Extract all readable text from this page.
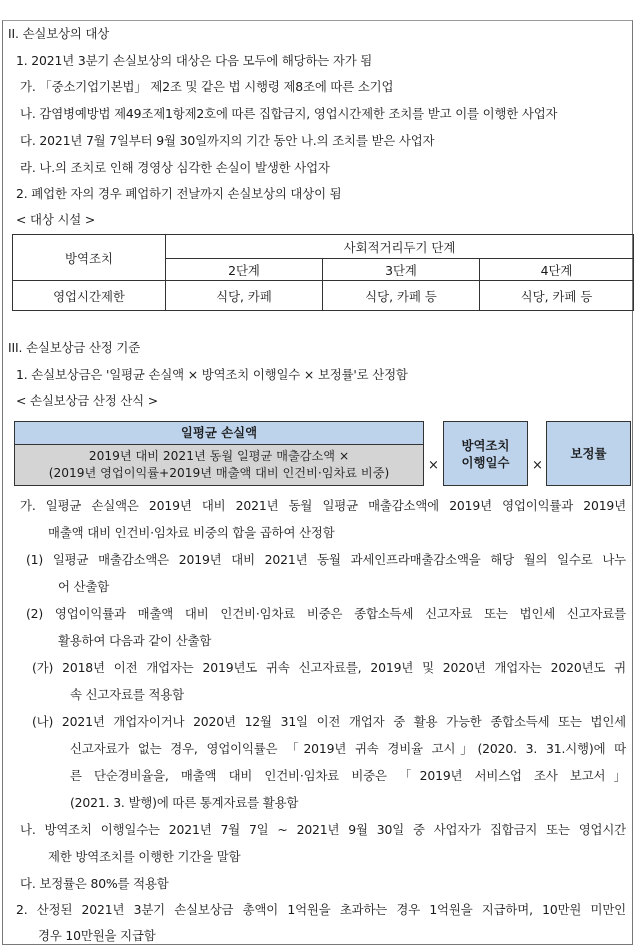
II. 손실보상의 대상
1. 2021년 3분기 손실보상의 대상은 다음 모두에 해당하는 자가 됨
가. 「중소기업기본법」 제2조 및 같은 법 시행령 제8조에 따른 소기업
나. 감염병예방법 제49조제1항제2호에 따른 집합금지, 영업시간제한 조치를 받고 이를 이행한 사업자
다. 2021년 7월 7일부터 9월 30일까지의 기간 동안 나.의 조치를 받은 사업자
라. 나.의 조치로 인해 경영상 심각한 손실이 발생한 사업자
2. 폐업한 자의 경우 폐업하기 전날까지 손실보상의 대상이 됨
< 대상 시설 >
방역조치	사회적거리두기 단계		
	2단계	3단계	4단계
영업시간제한	식당, 카페	식당, 카페 등	식당, 카페 등
III. 손실보상금 산정 기준
1. 손실보상금은 '일평균 손실액 × 방역조치 이행일수 × 보정률'로 산정함
< 손실보상금 산정 산식 >
일평균 손실액
2019년 대비 2021년 동월 일평균 매출감소액 ×
(2019년 영업이익률+2019년 매출액 대비 인건비·임차료 비중)	×
방역조치
이행일수 ×
보정률
가. 일평균 손실액은 2019년 대비 2021년 동월 일평균 매출감소액에 2019년 영업이익률과 2019년
매출액 대비 인건비·임차료 비중의 합을 곱하여 산정함
(1) 일평균 매출감소액은 2019년 대비 2021년 동월 과세인프라매출감소액을 해당 월의 일수로 나누
어 산출함
(2) 영업이익률과 매출액 대비 인건비·임차료 비중은 종합소득세 신고자료 또는 법인세 신고자료를
활용하여 다음과 같이 산출함
(가) 2018년 이전 개업자는 2019년도 귀속 신고자료를, 2019년 및 2020년 개업자는 2020년도 귀
속 신고자료를 적용함
(나) 2021년 개업자이거나 2020년 12월 31일 이전 개업자 중 활용 가능한 종합소득세 또는 법인세
신고자료가 없는 경우, 영업이익률은 「2019년 귀속 경비율 고시」(2020. 3. 31.시행)에 따
른 단순경비율을, 매출액 대비 인건비·임차료 비중은 「2019년 서비스업 조사 보고서」
(2021. 3. 발행)에 따른 통계자료를 활용함
나. 방역조치 이행일수는 2021년 7월 7일 ~ 2021년 9월 30일 중 사업자가 집합금지 또는 영업시간
제한 방역조치를 이행한 기간을 말함
다. 보정률은 80%를 적용함
2. 산정된 2021년 3분기 손실보상금 총액이 1억원을 초과하는 경우 1억원을 지급하며, 10만원 미만인
경우 10만원을 지급함
